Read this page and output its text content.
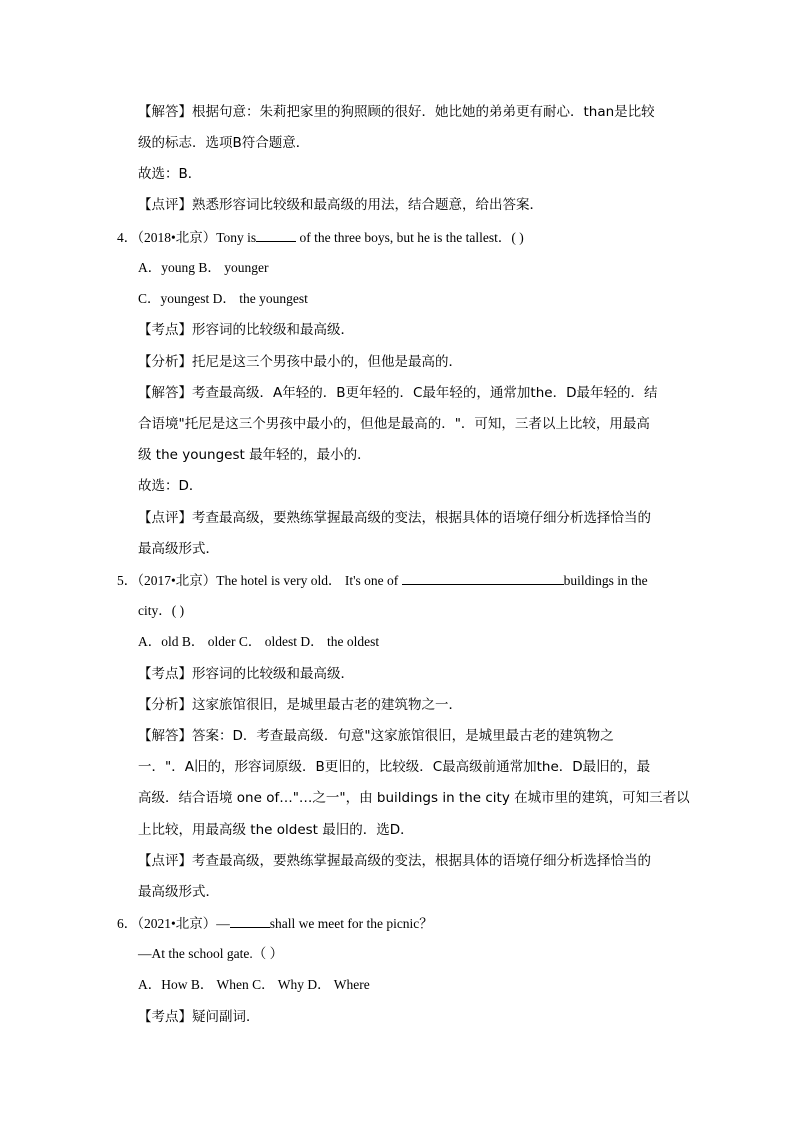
【解答】根据句意：朱莉把家里的狗照顾的很好．她比她的弟弟更有耐心．than是比较
级的标志．选项B符合题意．
故选：B．
【点评】熟悉形容词比较级和最高级的用法，结合题意，给出答案．
4．（2018•北京）Tony is	of the three boys, but he is the tallest．( )
A．young B． younger
C．youngest D． the youngest
【考点】形容词的比较级和最高级．
【分析】托尼是这三个男孩中最小的，但他是最高的．
【解答】考查最高级．A年轻的．B更年轻的．C最年轻的，通常加the．D最年轻的．结
合语境"托尼是这三个男孩中最小的，但他是最高的．"．可知，三者以上比较，用最高
级 the youngest 最年轻的，最小的．
故选：D．
【点评】考查最高级，要熟练掌握最高级的变法，根据具体的语境仔细分析选择恰当的
最高级形式．
5．（2017•北京）The hotel is very old． It's one of	buildings in the
city．( )
A．old B． older C． oldest D． the oldest
【考点】形容词的比较级和最高级．
【分析】这家旅馆很旧，是城里最古老的建筑物之一．
【解答】答案：D．考查最高级．句意"这家旅馆很旧，是城里最古老的建筑物之
一．"．A旧的，形容词原级．B更旧的，比较级．C最高级前通常加the．D最旧的，最
高级．结合语境 one of…"…之一"，由 buildings in the city 在城市里的建筑，可知三者以
上比较，用最高级 the oldest 最旧的．选D．
【点评】考查最高级，要熟练掌握最高级的变法，根据具体的语境仔细分析选择恰当的
最高级形式．
6．（2021•北京）—	shall we meet for the picnic？
—At the school gate.（ ）
A．How B． When C． Why D． Where
【考点】疑问副词．
